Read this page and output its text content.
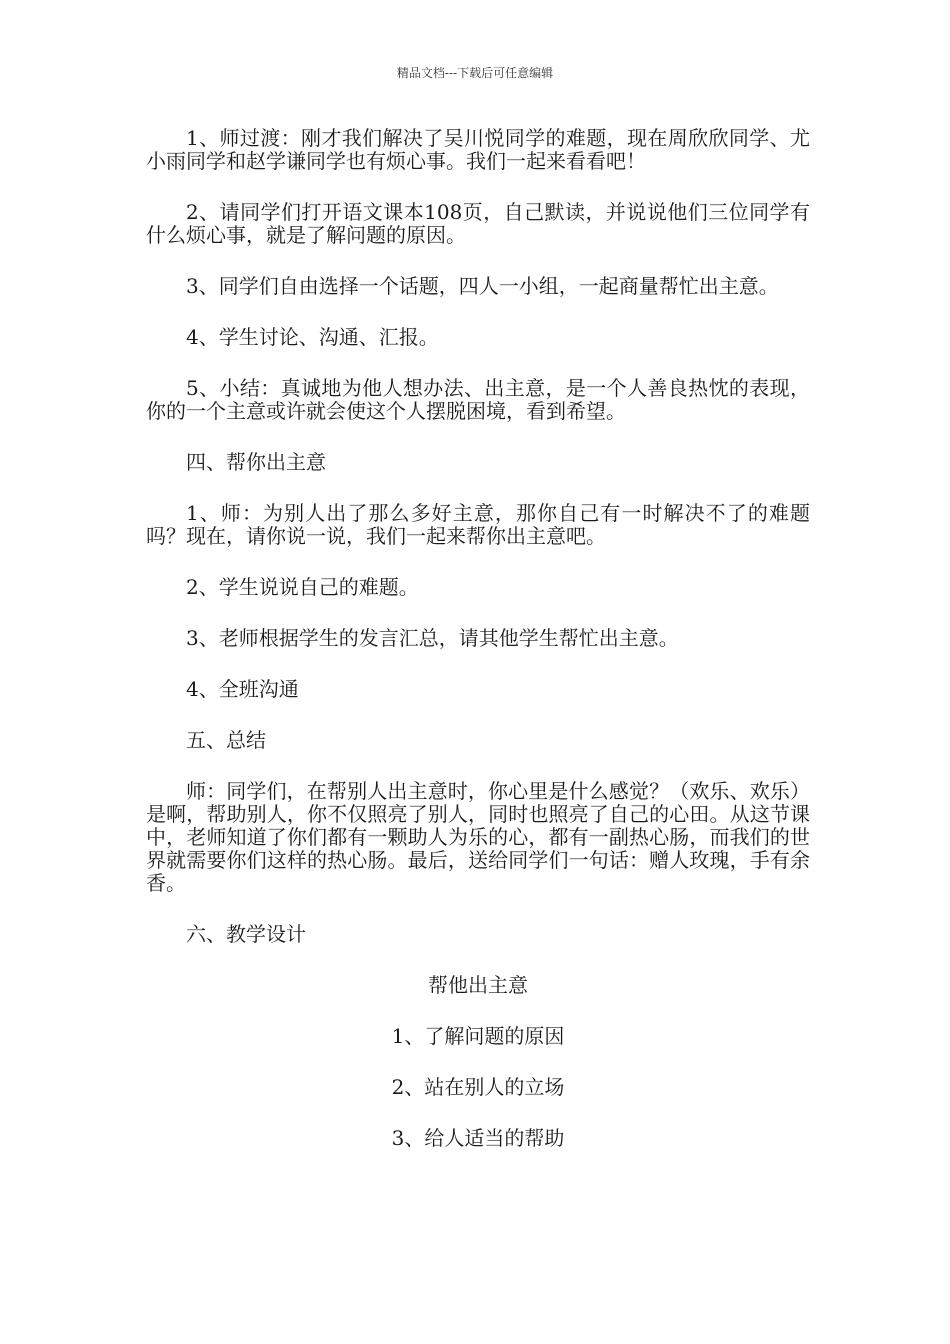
精品文档---下载后可任意编辑

1、师过渡：刚才我们解决了吴川悦同学的难题，现在周欣欣同学、尤小雨同学和赵学谦同学也有烦心事。我们一起来看看吧！

2、请同学们打开语文课本108页，自己默读，并说说他们三位同学有什么烦心事，就是了解问题的原因。

3、同学们自由选择一个话题，四人一小组，一起商量帮忙出主意。

4、学生讨论、沟通、汇报。

5、小结：真诚地为他人想办法、出主意，是一个人善良热忱的表现，你的一个主意或许就会使这个人摆脱困境，看到希望。

四、帮你出主意

1、师：为别人出了那么多好主意，那你自己有一时解决不了的难题吗？现在，请你说一说，我们一起来帮你出主意吧。

2、学生说说自己的难题。

3、老师根据学生的发言汇总，请其他学生帮忙出主意。

4、全班沟通

五、总结

师：同学们，在帮别人出主意时，你心里是什么感觉？（欢乐、欢乐）是啊，帮助别人，你不仅照亮了别人，同时也照亮了自己的心田。从这节课中，老师知道了你们都有一颗助人为乐的心，都有一副热心肠，而我们的世界就需要你们这样的热心肠。最后，送给同学们一句话：赠人玫瑰，手有余香。

六、教学设计

帮他出主意

1、了解问题的原因

2、站在别人的立场

3、给人适当的帮助
